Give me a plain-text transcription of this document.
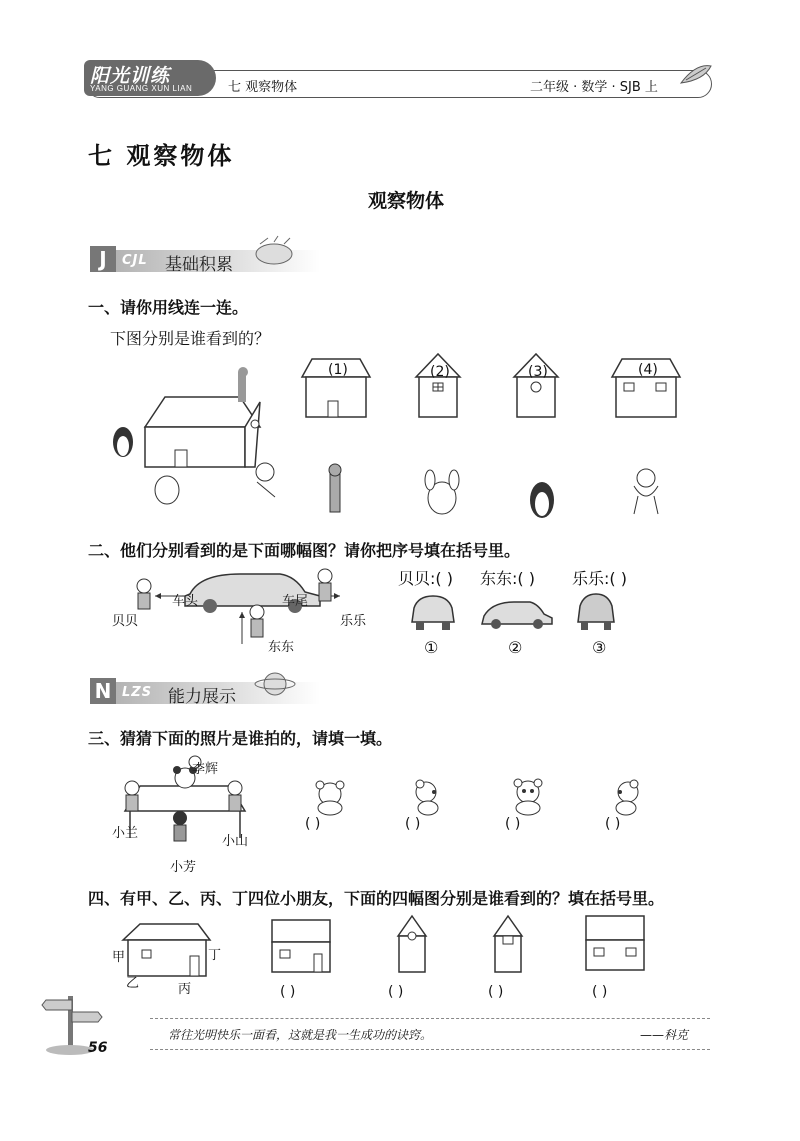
阳光训练
YANG GUANG XUN LIAN	七 观察物体	二年级 · 数学 · SJB 上
七 观察物体
观察物体
J	CJL 基础积累
一、请你用线连一连。
下图分别是谁看到的？
(1)	(2)	(3)	(4)
二、他们分别看到的是下面哪幅图？请你把序号填在括号里。
车头	车尾
贝贝
东东
乐乐
贝贝:( ) 东东:( ) 乐乐:( )
①	②	③
N LZS 能力展示
三、猜猜下面的照片是谁拍的，请填一填。
李辉
小兰
小山
小芳
( )	( )	( )	( )
四、有甲、乙、丙、丁四位小朋友，下面的四幅图分别是谁看到的？填在括号里。
甲
乙	丙
丁
( )	( )	( )	( )
56
常往光明快乐一面看，这就是我一生成功的诀窍。	——科克
